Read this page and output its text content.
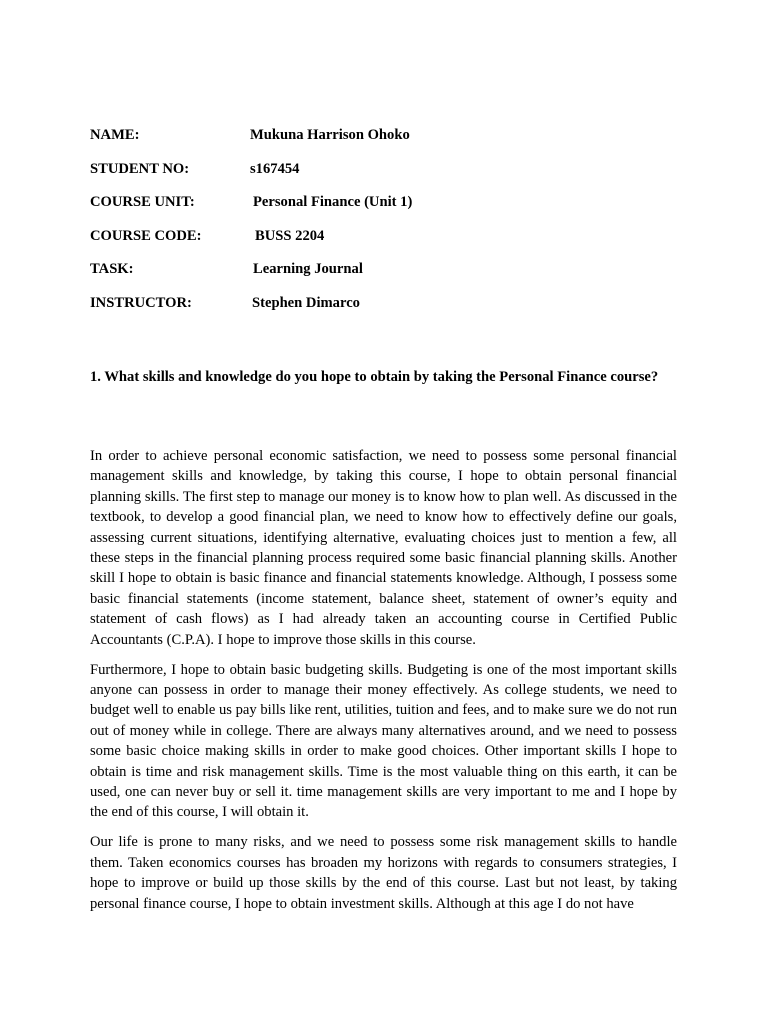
NAME:	Mukuna Harrison Ohoko
STUDENT NO:	s167454
COURSE UNIT:	Personal Finance (Unit 1)
COURSE CODE:	BUSS 2204
TASK:	Learning Journal
INSTRUCTOR:	Stephen Dimarco

1. What skills and knowledge do you hope to obtain by taking the Personal Finance course?

In order to achieve personal economic satisfaction, we need to possess some personal financial management skills and knowledge, by taking this course, I hope to obtain personal financial planning skills. The first step to manage our money is to know how to plan well. As discussed in the textbook, to develop a good financial plan, we need to know how to effectively define our goals, assessing current situations, identifying alternative, evaluating choices just to mention a few, all these steps in the financial planning process required some basic financial planning skills. Another skill I hope to obtain is basic finance and financial statements knowledge. Although, I possess some basic financial statements (income statement, balance sheet, statement of owner’s equity and statement of cash flows) as I had already taken an accounting course in Certified Public Accountants (C.P.A). I hope to improve those skills in this course.

Furthermore, I hope to obtain basic budgeting skills. Budgeting is one of the most important skills anyone can possess in order to manage their money effectively. As college students, we need to budget well to enable us pay bills like rent, utilities, tuition and fees, and to make sure we do not run out of money while in college. There are always many alternatives around, and we need to possess some basic choice making skills in order to make good choices. Other important skills I hope to obtain is time and risk management skills. Time is the most valuable thing on this earth, it can be used, one can never buy or sell it. time management skills are very important to me and I hope by the end of this course, I will obtain it.

Our life is prone to many risks, and we need to possess some risk management skills to handle them. Taken economics courses has broaden my horizons with regards to consumers strategies, I hope to improve or build up those skills by the end of this course. Last but not least, by taking personal finance course, I hope to obtain investment skills. Although at this age I do not have
